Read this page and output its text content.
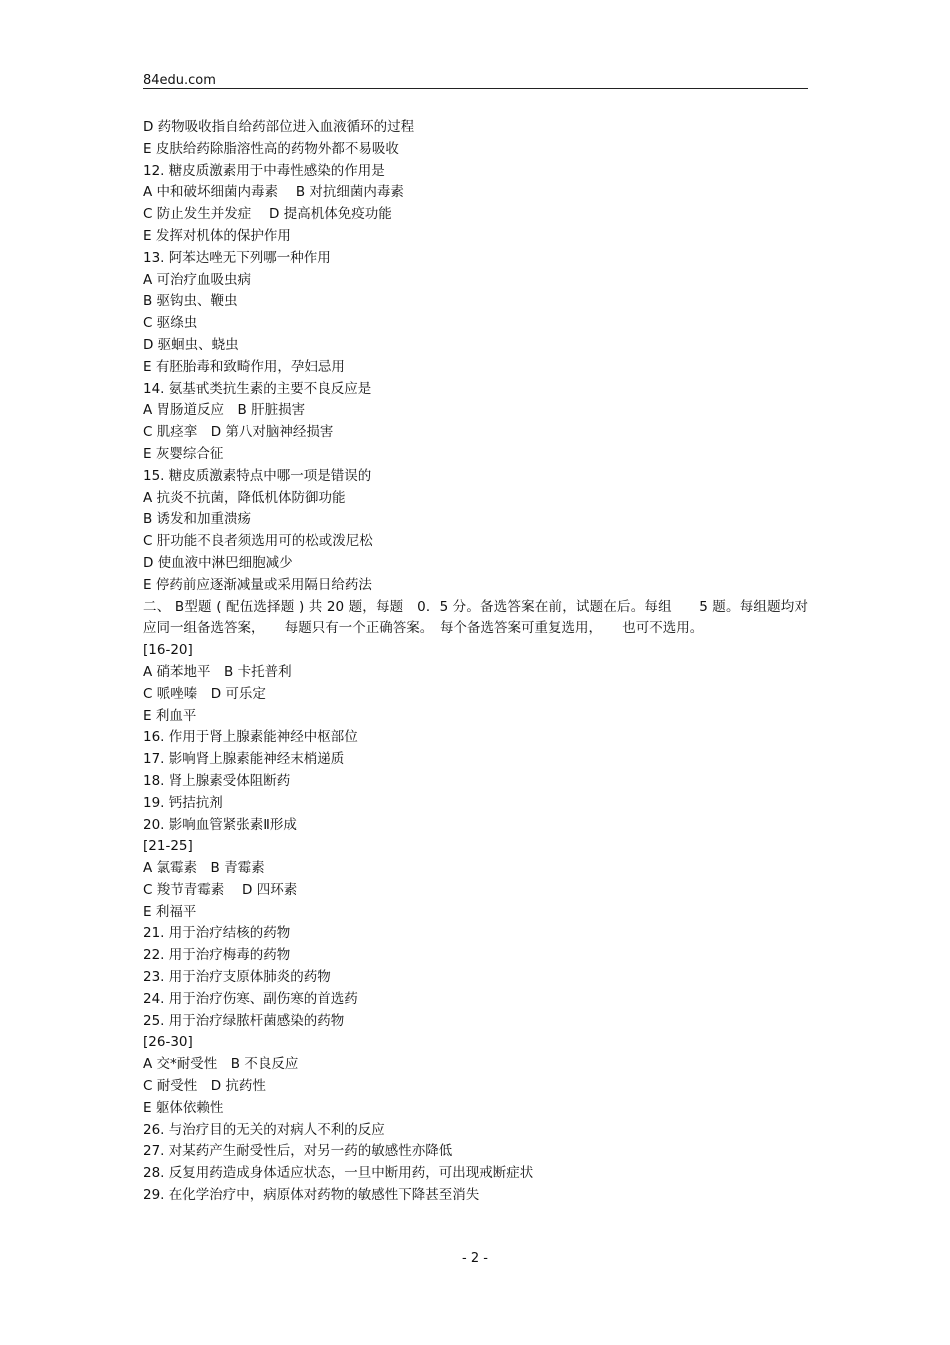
84edu.com
D 药物吸收指自给药部位进入血液循环的过程
E 皮肤给药除脂溶性高的药物外都不易吸收
12. 糖皮质激素用于中毒性感染的作用是
A 中和破坏细菌内毒素　 B 对抗细菌内毒素
C 防止发生并发症　 D 提高机体免疫功能
E 发挥对机体的保护作用
13. 阿苯达唑无下列哪一种作用
A 可治疗血吸虫病
B 驱钩虫、鞭虫
C 驱绦虫
D 驱蛔虫、蛲虫
E 有胚胎毒和致畸作用，孕妇忌用
14. 氨基甙类抗生素的主要不良反应是
A 胃肠道反应　B 肝脏损害
C 肌痉挛　D 第八对脑神经损害
E 灰婴综合征
15. 糖皮质激素特点中哪一项是错误的
A 抗炎不抗菌，降低机体防御功能
B 诱发和加重溃疡
C 肝功能不良者须选用可的松或泼尼松
D 使血液中淋巴细胞减少
E 停药前应逐渐减量或采用隔日给药法
二、 B型题 ( 配伍选择题 ) 共 20 题，每题　0．5 分。备选答案在前，试题在后。每组　　5 题。每组题均对应同一组备选答案，　　每题只有一个正确答案。　每个备选答案可重复选用，　　也可不选用。
[16-20]
A 硝苯地平　B 卡托普利
C 哌唑嗪　D 可乐定
E 利血平
16. 作用于肾上腺素能神经中枢部位
17. 影响肾上腺素能神经末梢递质
18. 肾上腺素受体阻断药
19. 钙拮抗剂
20. 影响血管紧张素Ⅱ形成
[21-25]
A 氯霉素　B 青霉素
C 羧节青霉素　 D 四环素
E 利福平
21. 用于治疗结核的药物
22. 用于治疗梅毒的药物
23. 用于治疗支原体肺炎的药物
24. 用于治疗伤寒、副伤寒的首选药
25. 用于治疗绿脓杆菌感染的药物
[26-30]
A 交*耐受性　B 不良反应
C 耐受性　D 抗药性
E 躯体依赖性
26. 与治疗目的无关的对病人不利的反应
27. 对某药产生耐受性后，对另一药的敏感性亦降低
28. 反复用药造成身体适应状态，一旦中断用药，可出现戒断症状
29. 在化学治疗中，病原体对药物的敏感性下降甚至消失
- 2 -
